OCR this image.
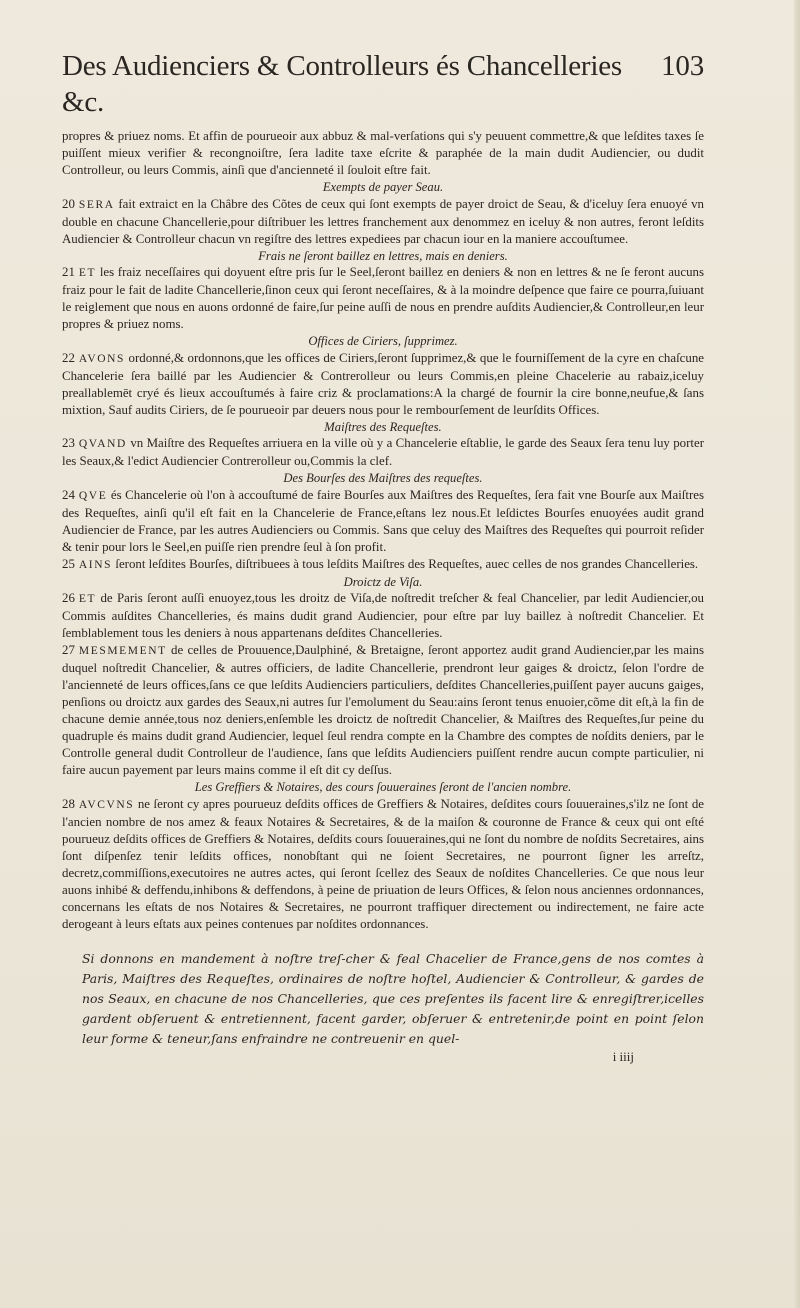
Des Audienciers & Controlleurs és Chancelleries &c.
103

propres & priuez noms. Et affin de pourueoir aux abbuz & mal-verſations qui s'y peuuent commettre,& que leſdites taxes ſe puiſſent mieux verifier & recongnoiſtre, ſera ladite taxe eſcrite & paraphée de la main dudit Audiencier, ou dudit Controlleur, ou leurs Commis, ainſi que d'ancienneté il ſouloit eſtre fait.

Exempts de payer Seau.

20 SERA fait extraict en la Châbre des Cõtes de ceux qui ſont exempts de payer droict de Seau, & d'iceluy ſera enuoyé vn double en chacune Chancellerie,pour diſtribuer les lettres franchement aux denommez en iceluy & non autres, feront leſdits Audiencier & Controlleur chacun vn regiſtre des lettres expediees par chacun iour en la maniere accouſtumee.

Frais ne ſeront baillez en lettres, mais en deniers.

21 ET les fraiz neceſſaires qui doyuent eſtre pris ſur le Seel,ſeront baillez en deniers & non en lettres & ne ſe feront aucuns fraiz pour le fait de ladite Chancellerie,ſinon ceux qui ſeront neceſſaires, & à la moindre deſpence que faire ce pourra,ſuiuant le reiglement que nous en auons ordonné de faire,ſur peine auſſi de nous en prendre auſdits Audiencier,& Controlleur,en leur propres & priuez noms.

Offices de Ciriers, ſupprimez.

22 AVONS ordonné,& ordonnons,que les offices de Ciriers,ſeront ſupprimez,& que le fourniſſement de la cyre en chaſcune Chancelerie ſera baillé par les Audiencier & Contrerolleur ou leurs Commis,en pleine Chacelerie au rabaiz,iceluy preallablemēt cryé és lieux accouſtumés à faire criz & proclamations:A la chargé de fournir la cire bonne,neufue,& ſans mixtion, Sauf audits Ciriers, de ſe pourueoir par deuers nous pour le rembourſement de leurſdits Offices.

Maiſtres des Requeſtes.

23 QVAND vn Maiſtre des Requeſtes arriuera en la ville où y a Chancelerie eſtablie, le garde des Seaux ſera tenu luy porter les Seaux,& l'edict Audiencier Contrerolleur ou,Commis la clef.

Des Bourſes des Maiſtres des requeſtes.

24 QVE és Chancelerie où l'on à accouſtumé de faire Bourſes aux Maiſtres des Requeſtes, ſera fait vne Bourſe aux Maiſtres des Requeſtes, ainſi qu'il eſt fait en la Chancelerie de France,eſtans lez nous.Et leſdictes Bourſes enuoyées audit grand Audiencier de France, par les autres Audienciers ou Commis. Sans que celuy des Maiſtres des Requeſtes qui pourroit reſider & tenir pour lors le Seel,en puiſſe rien prendre ſeul à ſon profit.

25 AINS ſeront leſdites Bourſes, diſtribuees à tous leſdits Maiſtres des Requeſtes, auec celles de nos grandes Chancelleries.

Droictz de Viſa.

26 ET de Paris ſeront auſſi enuoyez,tous les droitz de Viſa,de noſtredit treſcher & feal Chancelier, par ledit Audiencier,ou Commis auſdites Chancelleries, és mains dudit grand Audiencier, pour eſtre par luy baillez à noſtredit Chancelier. Et ſemblablement tous les deniers à nous appartenans deſdites Chancelleries.

27 MESMEMENT de celles de Prouuence,Daulphiné, & Bretaigne, ſeront apportez audit grand Audiencier,par les mains duquel noſtredit Chancelier, & autres officiers, de ladite Chancellerie, prendront leur gaiges & droictz, ſelon l'ordre de l'ancienneté de leurs offices,ſans ce que leſdits Audienciers particuliers, deſdites Chancelleries,puiſſent payer aucuns gaiges, penſions ou droictz aux gardes des Seaux,ni autres ſur l'emolument du Seau:ains ſeront tenus enuoier,cõme dit eſt,à la fin de chacune demie année,tous noz deniers,enſemble les droictz de noſtredit Chancelier, & Maiſtres des Requeſtes,ſur peine du quadruple és mains dudit grand Audiencier, lequel ſeul rendra compte en la Chambre des comptes de noſdits deniers, par le Controlle general dudit Controlleur de l'audience, ſans que leſdits Audienciers puiſſent rendre aucun compte particulier, ni faire aucun payement par leurs mains comme il eſt dit cy deſſus.

Les Greffiers & Notaires, des cours ſouueraines ſeront de l'ancien nombre.

28 AVCVNS ne ſeront cy apres pourueuz deſdits offices de Greffiers & Notaires, deſdites cours ſouueraines,s'ilz ne ſont de l'ancien nombre de nos amez & feaux Notaires & Secretaires, & de la maiſon & couronne de France & ceux qui ont eſté pourueuz deſdits offices de Greffiers & Notaires, deſdits cours ſouueraines,qui ne ſont du nombre de noſdits Secretaires, ains ſont diſpenſez tenir leſdits offices, nonobſtant qui ne ſoient Secretaires, ne pourront ſigner les arreſtz, decretz,commiſſions,executoires ne autres actes, qui ſeront ſcellez des Seaux de noſdites Chancelleries. Ce que nous leur auons inhibé & deffendu,inhibons & deffendons, à peine de priuation de leurs Offices, & ſelon nous anciennes ordonnances, concernans les eſtats de nos Notaires & Secretaires, ne pourront traffiquer directement ou indirectement, ne faire acte derogeant à leurs eſtats aux peines contenues par noſdites ordonnances.

Si donnons en mandement à noſtre treſ-cher & feal Chacelier de France,gens de nos comtes à Paris, Maiſtres des Requeſtes, ordinaires de noſtre hoſtel, Audiencier & Controlleur, & gardes de nos Seaux, en chacune de nos Chancelleries, que ces preſentes ils facent lire & enregiſtrer,icelles gardent obſeruent & entretiennent, facent garder, obſeruer & entretenir,de point en point ſelon leur forme & teneur,ſans enfraindre ne contreuenir en quel-
i iiij
